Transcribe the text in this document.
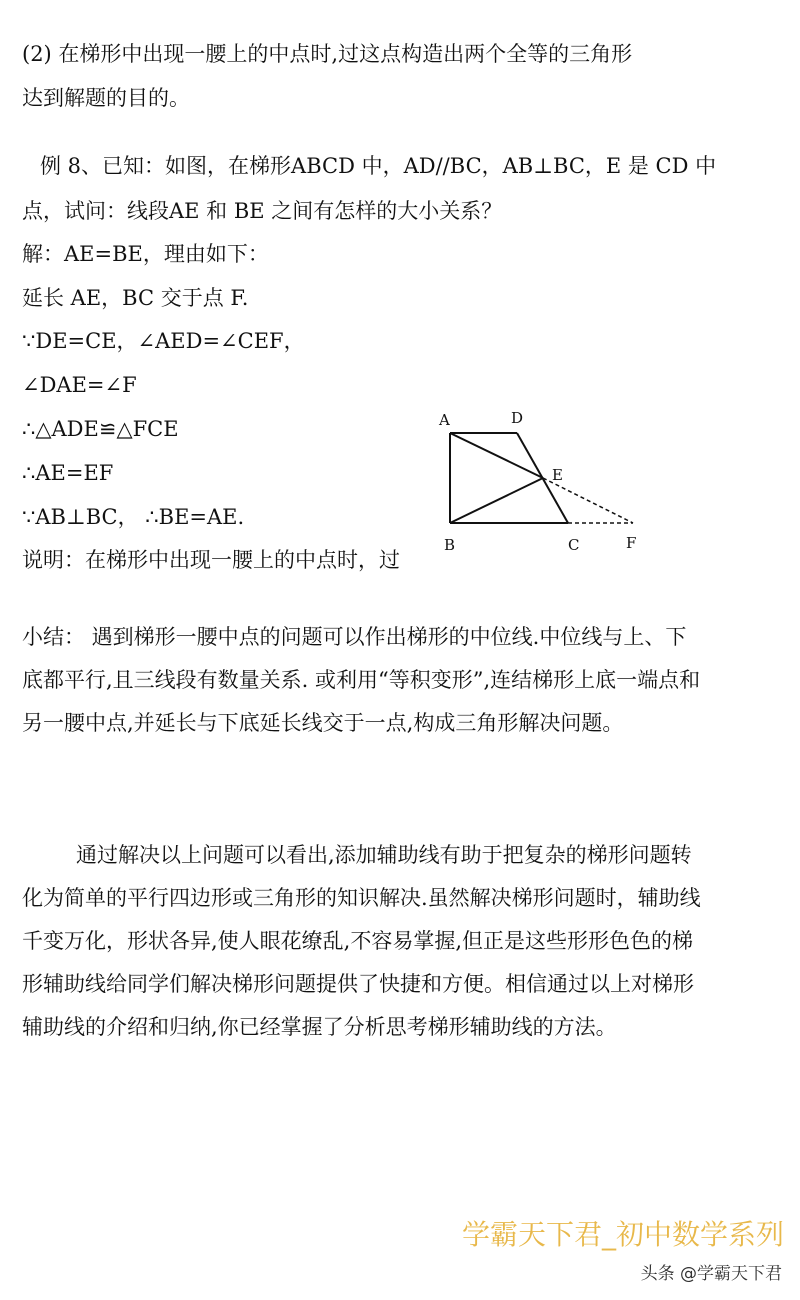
(2) 在梯形中出现一腰上的中点时,过这点构造出两个全等的三角形
达到解题的目的。
例 8、已知：如图，在梯形ABCD 中，AD//BC，AB⊥BC，E 是 CD 中
点，试问：线段AE 和 BE 之间有怎样的大小关系？
解：AE=BE，理由如下：
延长 AE，BC 交于点 F.
∵DE=CE，∠AED=∠CEF，
∠DAE=∠F
∴△ADE≌△FCE
∴AE=EF
∵AB⊥BC， ∴BE=AE.
说明：在梯形中出现一腰上的中点时，过
A	D
E
B	C	F
小结： 遇到梯形一腰中点的问题可以作出梯形的中位线.中位线与上、下底都平行,且三线段有数量关系. 或利用“等积变形”,连结梯形上底一端点和另一腰中点,并延长与下底延长线交于一点,构成三角形解决问题。
通过解决以上问题可以看出,添加辅助线有助于把复杂的梯形问题转化为简单的平行四边形或三角形的知识解决.虽然解决梯形问题时，辅助线千变万化，形状各异,使人眼花缭乱,不容易掌握,但正是这些形形色色的梯形辅助线给同学们解决梯形问题提供了快捷和方便。相信通过以上对梯形辅助线的介绍和归纳,你已经掌握了分析思考梯形辅助线的方法。
学霸天下君_初中数学系列
头条 @学霸天下君
